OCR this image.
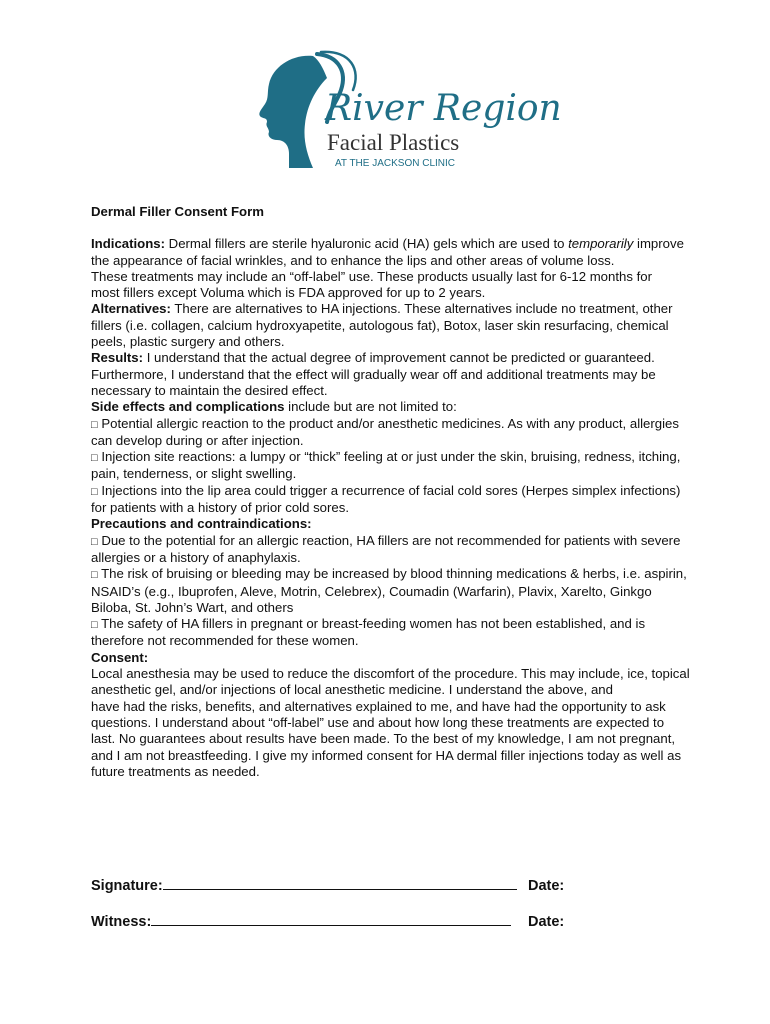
River Region
Facial Plastics
AT THE JACKSON CLINIC

Dermal Filler Consent Form

Indications: Dermal fillers are sterile hyaluronic acid (HA) gels which are used to temporarily improve the appearance of facial wrinkles, and to enhance the lips and other areas of volume loss.

These treatments may include an “off-label” use. These products usually last for 6-12 months for

most fillers except Voluma which is FDA approved for up to 2 years.

Alternatives: There are alternatives to HA injections. These alternatives include no treatment, other fillers (i.e. collagen, calcium hydroxyapetite, autologous fat), Botox, laser skin resurfacing, chemical peels, plastic surgery and others.

Results: I understand that the actual degree of improvement cannot be predicted or guaranteed.

Furthermore, I understand that the effect will gradually wear off and additional treatments may be

necessary to maintain the desired effect.

Side effects and complications include but are not limited to:

□ Potential allergic reaction to the product and/or anesthetic medicines. As with any product, allergies can develop during or after injection.

□ Injection site reactions: a lumpy or “thick” feeling at or just under the skin, bruising, redness, itching, pain, tenderness, or slight swelling.

□ Injections into the lip area could trigger a recurrence of facial cold sores (Herpes simplex infections) for patients with a history of prior cold sores.

Precautions and contraindications:

□ Due to the potential for an allergic reaction, HA fillers are not recommended for patients with severe allergies or a history of anaphylaxis.

□ The risk of bruising or bleeding may be increased by blood thinning medications & herbs, i.e. aspirin, NSAID’s (e.g., Ibuprofen, Aleve, Motrin, Celebrex), Coumadin (Warfarin), Plavix, Xarelto, Ginkgo Biloba, St. John’s Wart, and others

□ The safety of HA fillers in pregnant or breast-feeding women has not been established, and is therefore not recommended for these women.

Consent:

Local anesthesia may be used to reduce the discomfort of the procedure. This may include, ice, topical anesthetic gel, and/or injections of local anesthetic medicine. I understand the above, and

have had the risks, benefits, and alternatives explained to me, and have had the opportunity to ask questions. I understand about “off-label” use and about how long these treatments are expected to last. No guarantees about results have been made. To the best of my knowledge, I am not pregnant, and I am not breastfeeding. I give my informed consent for HA dermal filler injections today as well as future treatments as needed.

Signature:	Date:
Witness:	Date:
